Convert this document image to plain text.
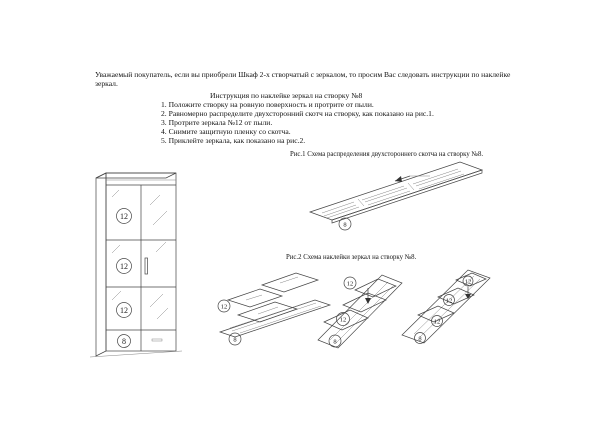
Уважаемый покупатель, если вы приобрели Шкаф 2-х створчатый с зеркалом, то просим Вас следовать инструкции по наклейке зеркал.
Инструкция по наклейке зеркал на створку №8
1. Положите створку на ровную поверхность и протрите от пыли.
2. Равномерно распределите двухсторонний скотч на створку, как показано на рис.1.
3. Протрите зеркала №12 от пыли.
4. Снимите защитную пленку со скотча.
5. Приклейте зеркала, как показано на рис.2.
Рис.1 Схема распределения двухстороннего скотча на створку №8.
Рис.2 Схема наклейки зеркал на створку №8.
12
12
12
8
8
12
8
12
12
8
12
12
12
8
